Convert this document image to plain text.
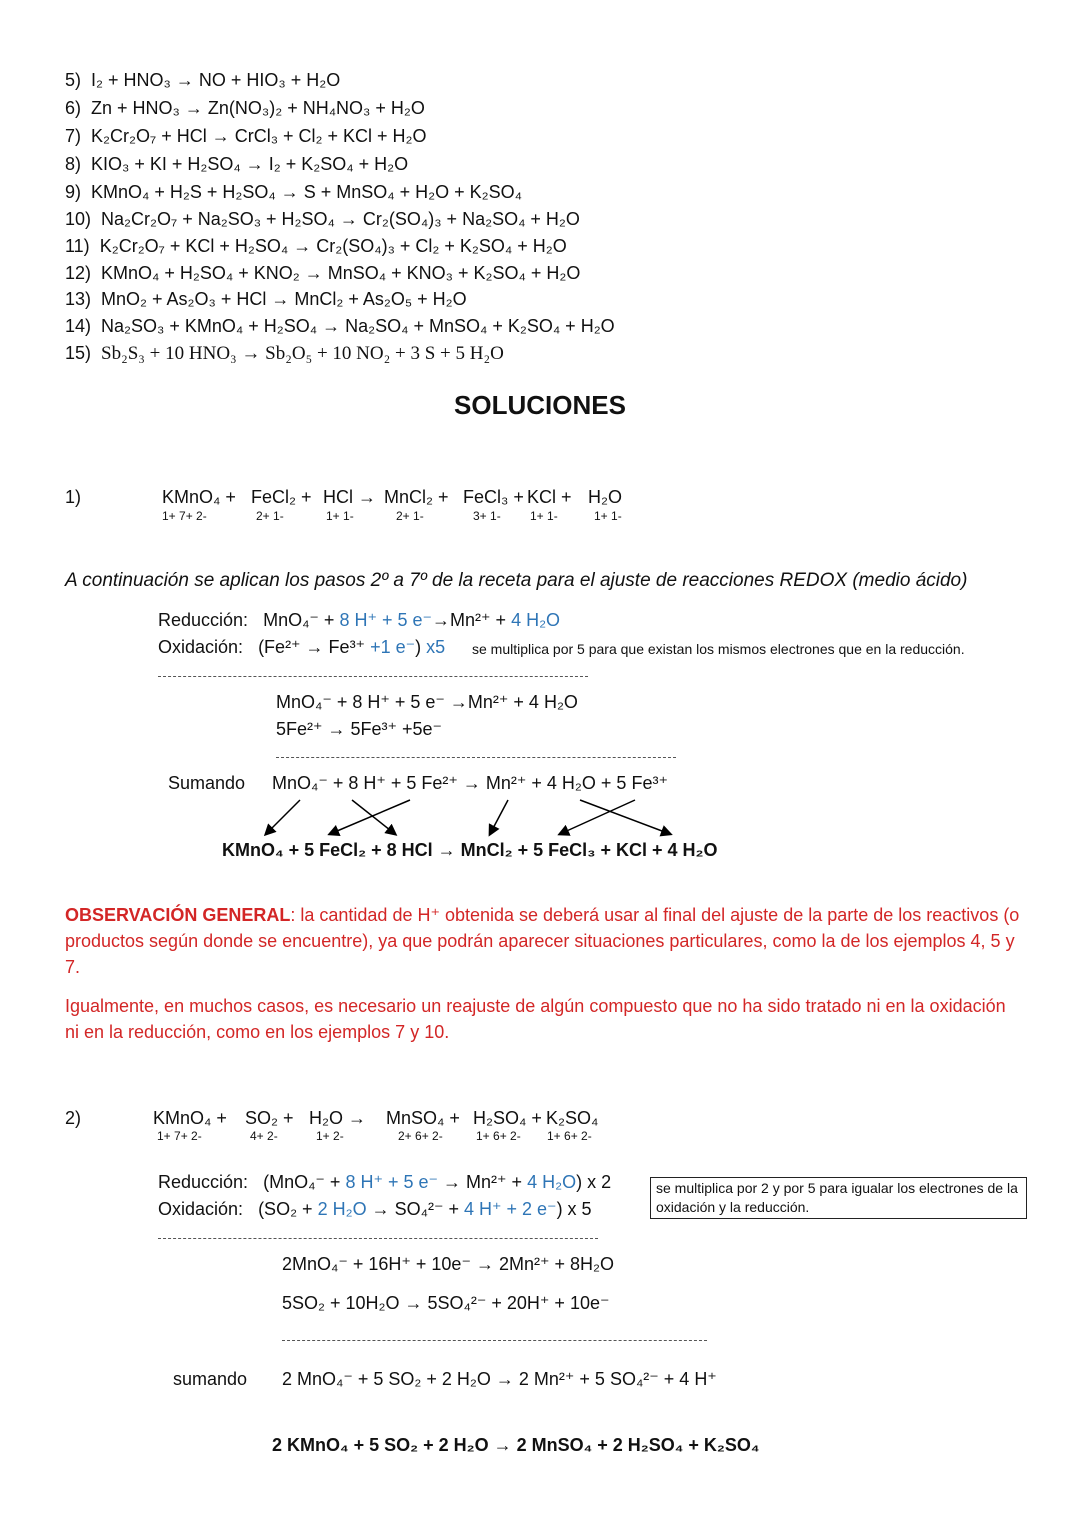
5) I₂ + HNO₃ → NO + HIO₃ + H₂O
6) Zn + HNO₃ → Zn(NO₃)₂ + NH₄NO₃ + H₂O
7) K₂Cr₂O₇ + HCl → CrCl₃ + Cl₂ + KCl + H₂O
8) KIO₃ + KI + H₂SO₄ → I₂ + K₂SO₄ + H₂O
9) KMnO₄ + H₂S + H₂SO₄ → S + MnSO₄ + H₂O + K₂SO₄
10) Na₂Cr₂O₇ + Na₂SO₃ + H₂SO₄ → Cr₂(SO₄)₃ + Na₂SO₄ + H₂O
11) K₂Cr₂O₇ + KCl + H₂SO₄ → Cr₂(SO₄)₃ + Cl₂ + K₂SO₄ + H₂O
12) KMnO₄ + H₂SO₄ + KNO₂ → MnSO₄ + KNO₃ + K₂SO₄ + H₂O
13) MnO₂ + As₂O₃ + HCl → MnCl₂ + As₂O₅ + H₂O
14) Na₂SO₃ + KMnO₄ + H₂SO₄ → Na₂SO₄ + MnSO₄ + K₂SO₄ + H₂O
15) Sb₂S₃ + 10 HNO₃ → Sb₂O₅ + 10 NO₂ + 3 S + 5 H₂O
SOLUCIONES
1)	KMnO₄ +
1+ 7+ 2-
FeCl₂ +
2+ 1-
HCl →
1+ 1-
MnCl₂ +
2+ 1-
FeCl₃ +
3+ 1-
KCl +
1+ 1-
H₂O
1+ 1-
A continuación se aplican los pasos 2º a 7º de la receta para el ajuste de reacciones REDOX (medio ácido)
Reducción: MnO₄⁻ + 8 H⁺ + 5 e⁻→Mn²⁺ + 4 H₂O
Oxidación: (Fe²⁺ → Fe³⁺ +1 e⁻) x5 se multiplica por 5 para que existan los mismos electrones que en la reducción.
MnO₄⁻ + 8 H⁺ + 5 e⁻ →Mn²⁺ + 4 H₂O
5Fe²⁺ → 5Fe³⁺ +5e⁻
Sumando MnO₄⁻ + 8 H⁺ + 5 Fe²⁺ → Mn²⁺ + 4 H₂O + 5 Fe³⁺
KMnO₄ + 5 FeCl₂ + 8 HCl → MnCl₂ + 5 FeCl₃ + KCl + 4 H₂O
OBSERVACIÓN GENERAL: la cantidad de H⁺ obtenida se deberá usar al final del ajuste de la parte de los reactivos (o productos según donde se encuentre), ya que podrán aparecer situaciones particulares, como la de los ejemplos 4, 5 y 7.
Igualmente, en muchos casos, es necesario un reajuste de algún compuesto que no ha sido tratado ni en la oxidación ni en la reducción, como en los ejemplos 7 y 10.
2)	KMnO₄ +
1+ 7+ 2-
SO₂ +
4+ 2-
H₂O →
1+ 2-
MnSO₄ +
2+ 6+ 2-
H₂SO₄ +
1+ 6+ 2-
K₂SO₄
1+ 6+ 2-
Reducción: (MnO₄⁻ + 8 H⁺ + 5 e⁻ → Mn²⁺ + 4 H₂O) x 2
Oxidación: (SO₂ + 2 H₂O → SO₄²⁻ + 4 H⁺ + 2 e⁻) x 5
se multiplica por 2 y por 5 para igualar los electrones de la oxidación y la reducción.
2MnO₄⁻ + 16H⁺ + 10e⁻ → 2Mn²⁺ + 8H₂O
5SO₂ + 10H₂O → 5SO₄²⁻ + 20H⁺ + 10e⁻
sumando 2 MnO₄⁻ + 5 SO₂ + 2 H₂O → 2 Mn²⁺ + 5 SO₄²⁻ + 4 H⁺
2 KMnO₄ + 5 SO₂ + 2 H₂O → 2 MnSO₄ + 2 H₂SO₄ + K₂SO₄
